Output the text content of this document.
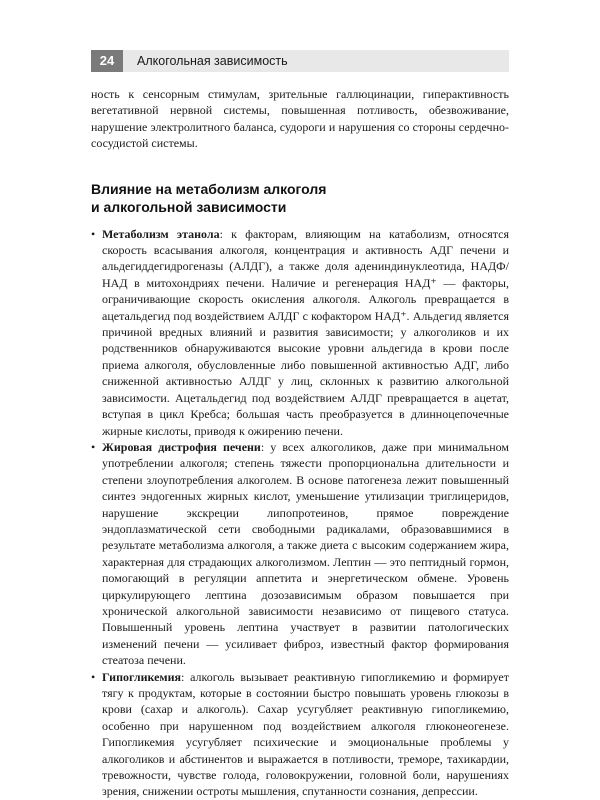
24	Алкогольная зависимость

ность к сенсорным стимулам, зрительные галлюцинации, гиперактивность вегетативной нервной системы, повышенная потливость, обезвоживание, нарушение электролитного баланса, судороги и нарушения со стороны сердечно-сосудистой системы.

Влияние на метаболизм алкоголя
и алкогольной зависимости
• Метаболизм этанола: к факторам, влияющим на катаболизм, относятся скорость всасывания алкоголя, концентрация и активность АДГ печени и альдегиддегидрогеназы (АЛДГ), а также доля адениндинуклеотида, НАДФ/НАД в митохондриях печени. Наличие и регенерация НАД⁺ — факторы, ограничивающие скорость окисления алкоголя. Алкоголь превращается в ацетальдегид под воздействием АЛДГ с кофактором НАД⁺. Альдегид является причиной вредных влияний и развития зависимости; у алкоголиков и их родственников обнаруживаются высокие уровни альдегида в крови после приема алкоголя, обусловленные либо повышенной активностью АДГ, либо сниженной активностью АЛДГ у лиц, склонных к развитию алкогольной зависимости. Ацетальдегид под воздействием АЛДГ превращается в ацетат, вступая в цикл Кребса; большая часть преобразуется в длинноцепочечные жирные кислоты, приводя к ожирению печени.

• Жировая дистрофия печени: у всех алкоголиков, даже при минимальном употреблении алкоголя; степень тяжести пропорциональна длительности и степени злоупотребления алкоголем. В основе патогенеза лежит повышенный синтез эндогенных жирных кислот, уменьшение утилизации триглицеридов, нарушение экскреции липопротеинов, прямое повреждение эндоплазматической сети свободными радикалами, образовавшимися в результате метаболизма алкоголя, а также диета с высоким содержанием жира, характерная для страдающих алкоголизмом. Лептин — это пептидный гормон, помогающий в регуляции аппетита и энергетическом обмене. Уровень циркулирующего лептина дозозависимым образом повышается при хронической алкогольной зависимости независимо от пищевого статуса. Повышенный уровень лептина участвует в развитии патологических изменений печени — усиливает фиброз, известный фактор формирования стеатоза печени.

• Гипогликемия: алкоголь вызывает реактивную гипогликемию и формирует тягу к продуктам, которые в состоянии быстро повышать уровень глюкозы в крови (сахар и алкоголь). Сахар усугубляет реактивную гипогликемию, особенно при нарушенном под воздействием алкоголя глюконеогенезе. Гипогликемия усугубляет психические и эмоциональные проблемы у алкоголиков и абстинентов и выражается в потливости, треморе, тахикардии, тревожности, чувстве голода, головокружении, головной боли, нарушениях зрения, снижении остроты мышления, спутанности сознания, депрессии.
